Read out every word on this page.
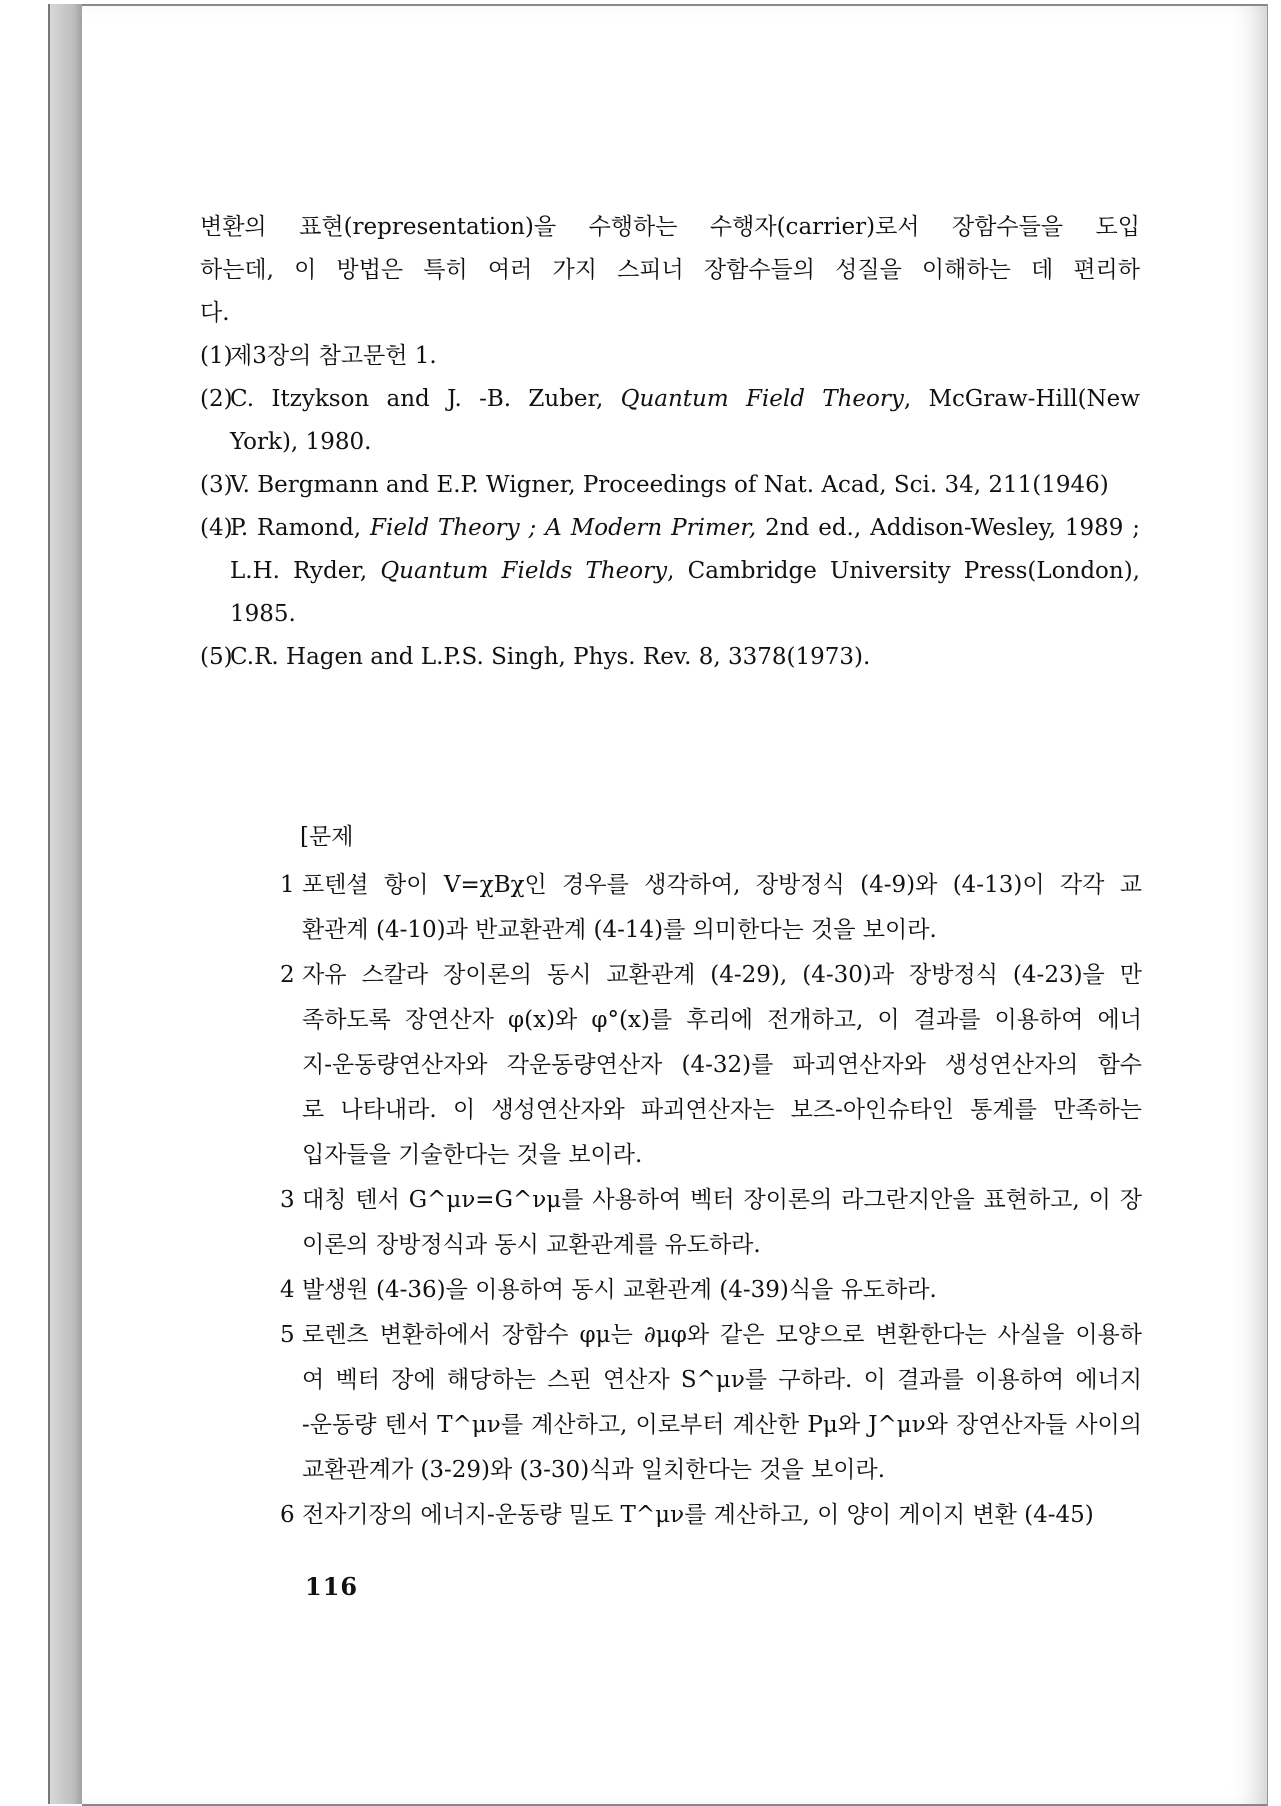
변환의 표현(representation)을 수행하는 수행자(carrier)로서 장함수들을 도입
하는데, 이 방법은 특히 여러 가지 스피너 장함수들의 성질을 이해하는 데 편리하
다.
(1)
제3장의 참고문헌 1.
(2)
C. Itzykson and J. -B. Zuber, Quantum Field Theory, McGraw-Hill(New
York), 1980.
(3)
V. Bergmann and E.P. Wigner, Proceedings of Nat. Acad, Sci. 34, 211(1946)
(4)
P. Ramond, Field Theory ; A Modern Primer, 2nd ed., Addison-Wesley, 1989 ;
L.H. Ryder, Quantum Fields Theory, Cambridge University Press(London),
1985.
(5)
C.R. Hagen and L.P.S. Singh, Phys. Rev. 8, 3378(1973).
[문제
1 포텐셜 항이 V=χBχ인 경우를 생각하여, 장방정식 (4-9)와 (4-13)이 각각 교
환관계 (4-10)과 반교환관계 (4-14)를 의미한다는 것을 보이라.
2 자유 스칼라 장이론의 동시 교환관계 (4-29), (4-30)과 장방정식 (4-23)을 만
족하도록 장연산자 φ(x)와 φ°(x)를 후리에 전개하고, 이 결과를 이용하여 에너
지-운동량연산자와 각운동량연산자 (4-32)를 파괴연산자와 생성연산자의 함수
로 나타내라. 이 생성연산자와 파괴연산자는 보즈-아인슈타인 통계를 만족하는
입자들을 기술한다는 것을 보이라.
3 대칭 텐서 G^μν=G^νμ를 사용하여 벡터 장이론의 라그란지안을 표현하고, 이 장
이론의 장방정식과 동시 교환관계를 유도하라.
4 발생원 (4-36)을 이용하여 동시 교환관계 (4-39)식을 유도하라.
5 로렌츠 변환하에서 장함수 φμ는 ∂μφ와 같은 모양으로 변환한다는 사실을 이용하
여 벡터 장에 해당하는 스핀 연산자 S^μν를 구하라. 이 결과를 이용하여 에너지
-운동량 텐서 T^μν를 계산하고, 이로부터 계산한 Pμ와 J^μν와 장연산자들 사이의
교환관계가 (3-29)와 (3-30)식과 일치한다는 것을 보이라.
6 전자기장의 에너지-운동량 밀도 T^μν를 계산하고, 이 양이 게이지 변환 (4-45)
116
